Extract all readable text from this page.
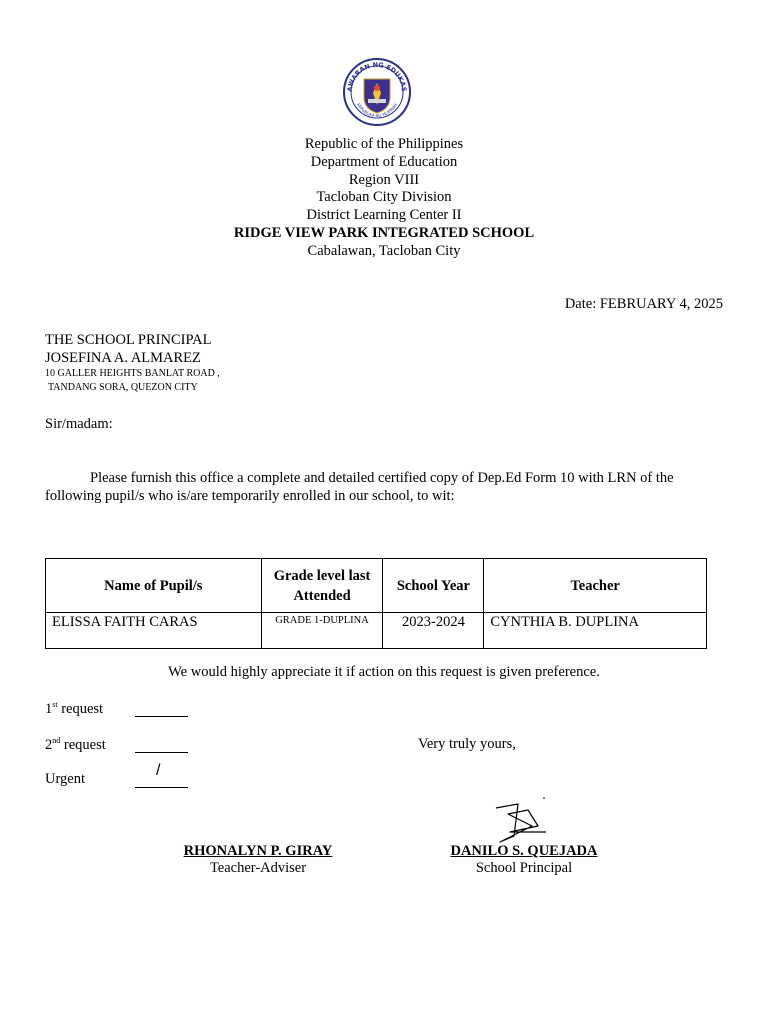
AWARAN NG EDUKAS
REPUBLIKA NG PILIPINAS
Republic of the Philippines
Department of Education
Region VIII
Tacloban City Division
District Learning Center II
RIDGE VIEW PARK INTEGRATED SCHOOL
Cabalawan, Tacloban City
Date: FEBRUARY 4, 2025
THE SCHOOL PRINCIPAL
JOSEFINA A. ALMAREZ
10 GALLER HEIGHTS BANLAT ROAD ,
TANDANG SORA, QUEZON CITY
Sir/madam:
Please furnish this office a complete and detailed certified copy of Dep.Ed Form 10 with LRN of the following pupil/s who is/are temporarily enrolled in our school, to wit:
Name of Pupil/s	Grade level last Attended	School Year	Teacher
ELISSA FAITH CARAS	GRADE 1-DUPLINA	2023-2024	CYNTHIA B. DUPLINA
We would highly appreciate it if action on this request is given preference.
1st request
2nd request
Urgent	/
Very truly yours,
RHONALYN P. GIRAY
Teacher-Adviser
DANILO S. QUEJADA
School Principal
